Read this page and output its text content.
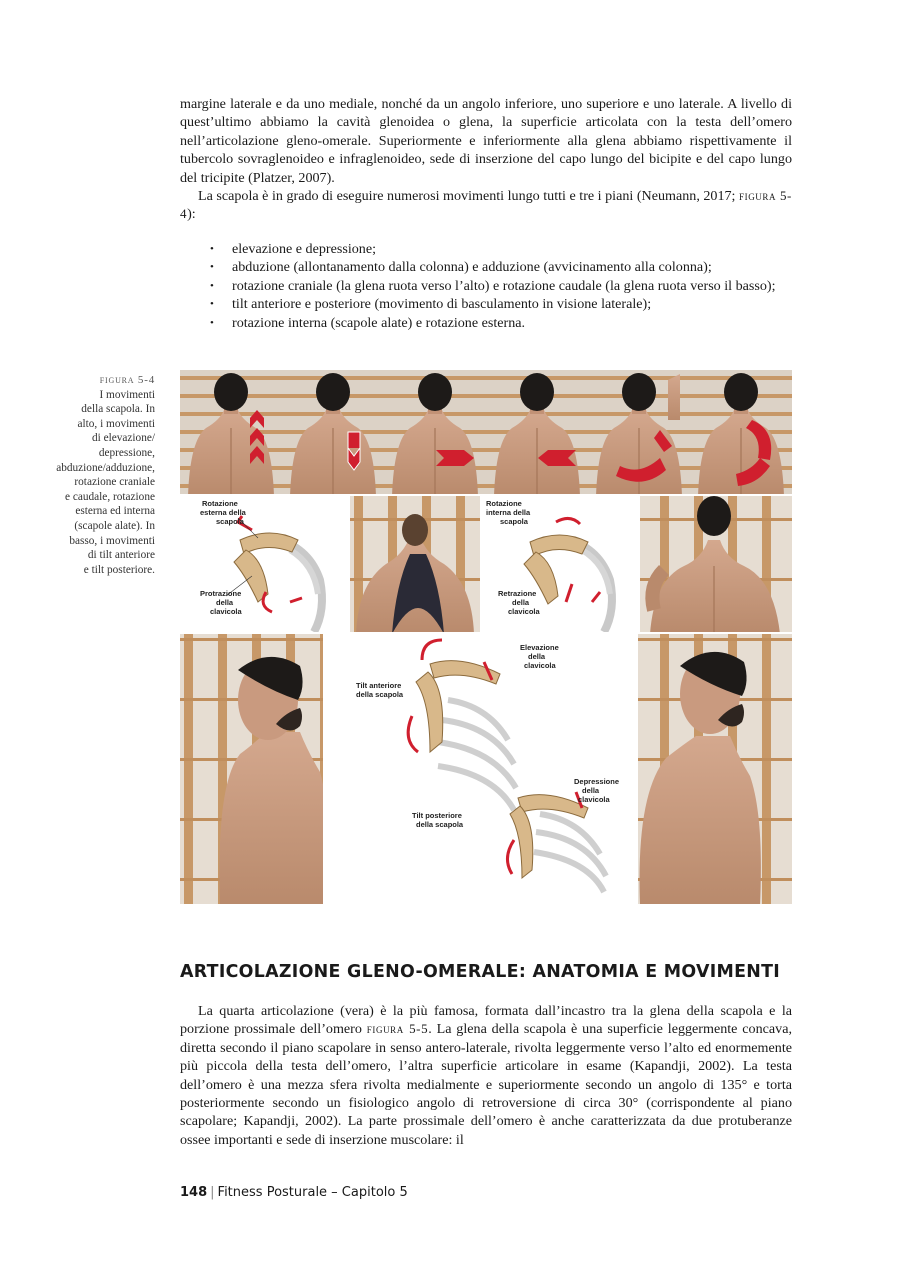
margine laterale e da uno mediale, nonché da un angolo inferiore, uno superiore e uno laterale. A livello di quest’ultimo abbiamo la cavità glenoidea o glena, la superficie articolata con la testa dell’omero nell’articolazione gleno-omerale. Superiormente e inferiormente alla glena abbiamo rispettivamente il tubercolo sovraglenoideo e infraglenoideo, sede di inserzione del capo lungo del bicipite e del capo lungo del tricipite (Platzer, 2007).

La scapola è in grado di eseguire numerosi movimenti lungo tutti e tre i piani (Neumann, 2017; figura 5-4):

• elevazione e depressione;
• abduzione (allontanamento dalla colonna) e adduzione (avvicinamento alla colonna);
• rotazione craniale (la glena ruota verso l’alto) e rotazione caudale (la glena ruota verso il basso);
• tilt anteriore e posteriore (movimento di basculamento in visione laterale);
• rotazione interna (scapole alate) e rotazione esterna.
figura 5-4
I movimenti
della scapola. In
alto, i movimenti
di elevazione/
depressione,
abduzione/adduzione,
rotazione craniale
e caudale, rotazione
esterna ed interna
(scapole alate). In
basso, i movimenti
di tilt anteriore
e tilt posteriore.
Rotazione
esterna della
scapola
Protrazione
della
clavicola
Rotazione
interna della
scapola
Retrazione
della
clavicola
Elevazione
della
clavicola
Tilt anteriore
della scapola
Depressione
della
clavicola
Tilt posteriore
della scapola
ARTICOLAZIONE GLENO-OMERALE: ANATOMIA E MOVIMENTI

La quarta articolazione (vera) è la più famosa, formata dall’incastro tra la glena della scapola e la porzione prossimale dell’omero figura 5-5. La glena della scapola è una superficie leggermente concava, diretta secondo il piano scapolare in senso antero-laterale, rivolta leggermente verso l’alto ed enormemente più piccola della testa dell’omero, l’altra superficie articolare in esame (Kapandji, 2002). La testa dell’omero è una mezza sfera rivolta medialmente e superiormente secondo un angolo di 135° e torta posteriormente secondo un fisiologico angolo di retroversione di circa 30° (corrispondente al piano scapolare; Kapandji, 2002). La parte prossimale dell’omero è anche caratterizzata da due protuberanze ossee importanti e sede di inserzione muscolare: il

148 | Fitness Posturale – Capitolo 5
